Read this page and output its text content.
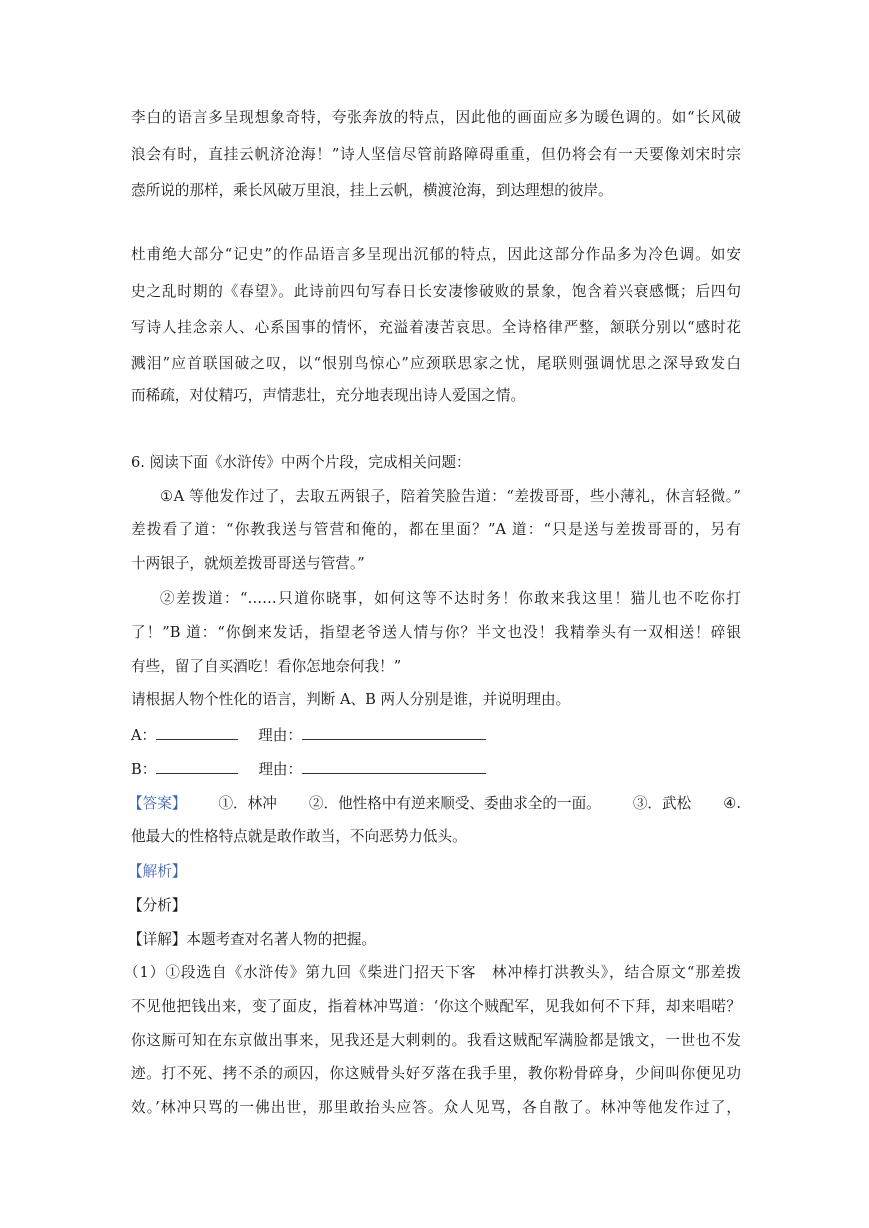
李白的语言多呈现想象奇特，夸张奔放的特点，因此他的画面应多为暖色调的。如“长风破
浪会有时，直挂云帆济沧海！”诗人坚信尽管前路障碍重重，但仍将会有一天要像刘宋时宗
悫所说的那样，乘长风破万里浪，挂上云帆，横渡沧海，到达理想的彼岸。
杜甫绝大部分“记史”的作品语言多呈现出沉郁的特点，因此这部分作品多为冷色调。如安
史之乱时期的《春望》。此诗前四句写春日长安凄惨破败的景象，饱含着兴衰感慨；后四句
写诗人挂念亲人、心系国事的情怀，充溢着凄苦哀思。全诗格律严整，颔联分别以“感时花
溅泪”应首联国破之叹，以“恨别鸟惊心”应颈联思家之忧，尾联则强调忧思之深导致发白
而稀疏，对仗精巧，声情悲壮，充分地表现出诗人爱国之情。
6. 阅读下面《水浒传》中两个片段，完成相关问题：
①A 等他发作过了，去取五两银子，陪着笑脸告道：“差拨哥哥，些小薄礼，休言轻微。”
差拨看了道：“你教我送与管营和俺的，都在里面？”A 道：“只是送与差拨哥哥的，另有
十两银子，就烦差拨哥哥送与管营。”
②差拨道：“……只道你晓事，如何这等不达时务！你敢来我这里！猫儿也不吃你打
了！”B 道：“你倒来发话，指望老爷送人情与你？半文也没！我精拳头有一双相送！碎银
有些，留了自买酒吃！看你怎地奈何我！”
请根据人物个性化的语言，判断 A、B 两人分别是谁，并说明理由。
A：	理由：
B：	理由：
【答案】 ①．林冲 ②．他性格中有逆来顺受、委曲求全的一面。 ③．武松 ④.
他最大的性格特点就是敢作敢当，不向恶势力低头。
【解析】
【分析】
【详解】本题考查对名著人物的把握。
（1）①段选自《水浒传》第九回《柴进门招天下客　林冲棒打洪教头》，结合原文“那差拨
不见他把钱出来，变了面皮，指着林冲骂道：‘你这个贼配军，见我如何不下拜，却来唱喏？
你这厮可知在东京做出事来，见我还是大剌剌的。我看这贼配军满脸都是饿文，一世也不发
迹。打不死、拷不杀的顽囚，你这贼骨头好歹落在我手里，教你粉骨碎身，少间叫你便见功
效。’林冲只骂的一佛出世，那里敢抬头应答。众人见骂，各自散了。林冲等他发作过了，
